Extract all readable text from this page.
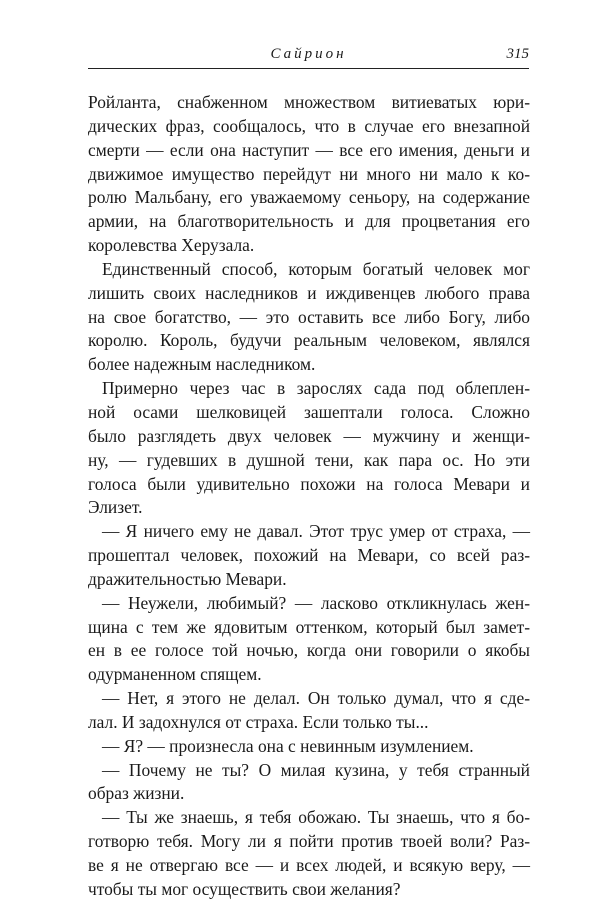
Сайрион	315
Ройланта, снабженном множеством витиеватых юри-
дических фраз, сообщалось, что в случае его внезапной
смерти — если она наступит — все его имения, деньги и
движимое имущество перейдут ни много ни мало к ко-
ролю Мальбану, его уважаемому сеньору, на содержание
армии, на благотворительность и для процветания его
королевства Херузала.
Единственный способ, которым богатый человек мог
лишить своих наследников и иждивенцев любого права
на свое богатство, — это оставить все либо Богу, либо
королю. Король, будучи реальным человеком, являлся
более надежным наследником.
Примерно через час в зарослях сада под облеплен-
ной осами шелковицей зашептали голоса. Сложно
было разглядеть двух человек — мужчину и женщи-
ну, — гудевших в душной тени, как пара ос. Но эти
голоса были удивительно похожи на голоса Мевари и
Элизет.
— Я ничего ему не давал. Этот трус умер от страха, —
прошептал человек, похожий на Мевари, со всей раз-
дражительностью Мевари.
— Неужели, любимый? — ласково откликнулась жен-
щина с тем же ядовитым оттенком, который был замет-
ен в ее голосе той ночью, когда они говорили о якобы
одурманенном спящем.
— Нет, я этого не делал. Он только думал, что я сде-
лал. И задохнулся от страха. Если только ты...
— Я? — произнесла она с невинным изумлением.
— Почему не ты? О милая кузина, у тебя странный
образ жизни.
— Ты же знаешь, я тебя обожаю. Ты знаешь, что я бо-
готворю тебя. Могу ли я пойти против твоей воли? Раз-
ве я не отвергаю все — и всех людей, и всякую веру, —
чтобы ты мог осуществить свои желания?
